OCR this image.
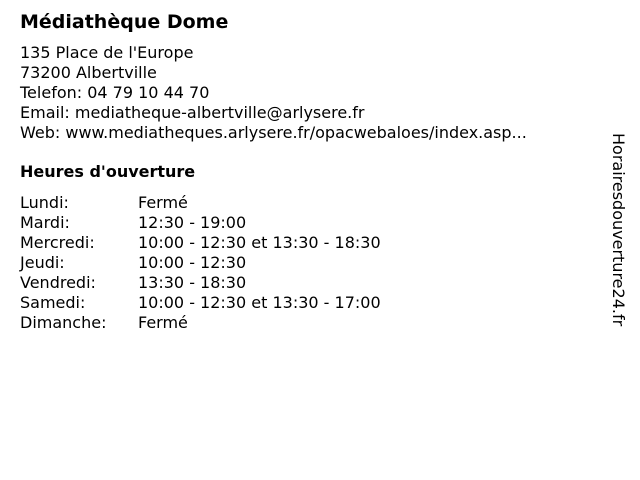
Médiathèque Dome
135 Place de l'Europe
73200 Albertville
Telefon: 04 79 10 44 70
Email: mediatheque-albertville@arlysere.fr
Web: www.mediatheques.arlysere.fr/opacwebaloes/index.asp...
Heures d'ouverture
Lundi:	Fermé
Mardi:	12:30 - 19:00
Mercredi:	10:00 - 12:30 et 13:30 - 18:30
Jeudi:	10:00 - 12:30
Vendredi:	13:30 - 18:30
Samedi:	10:00 - 12:30 et 13:30 - 17:00
Dimanche:	Fermé	Horairesdouverture24.fr
